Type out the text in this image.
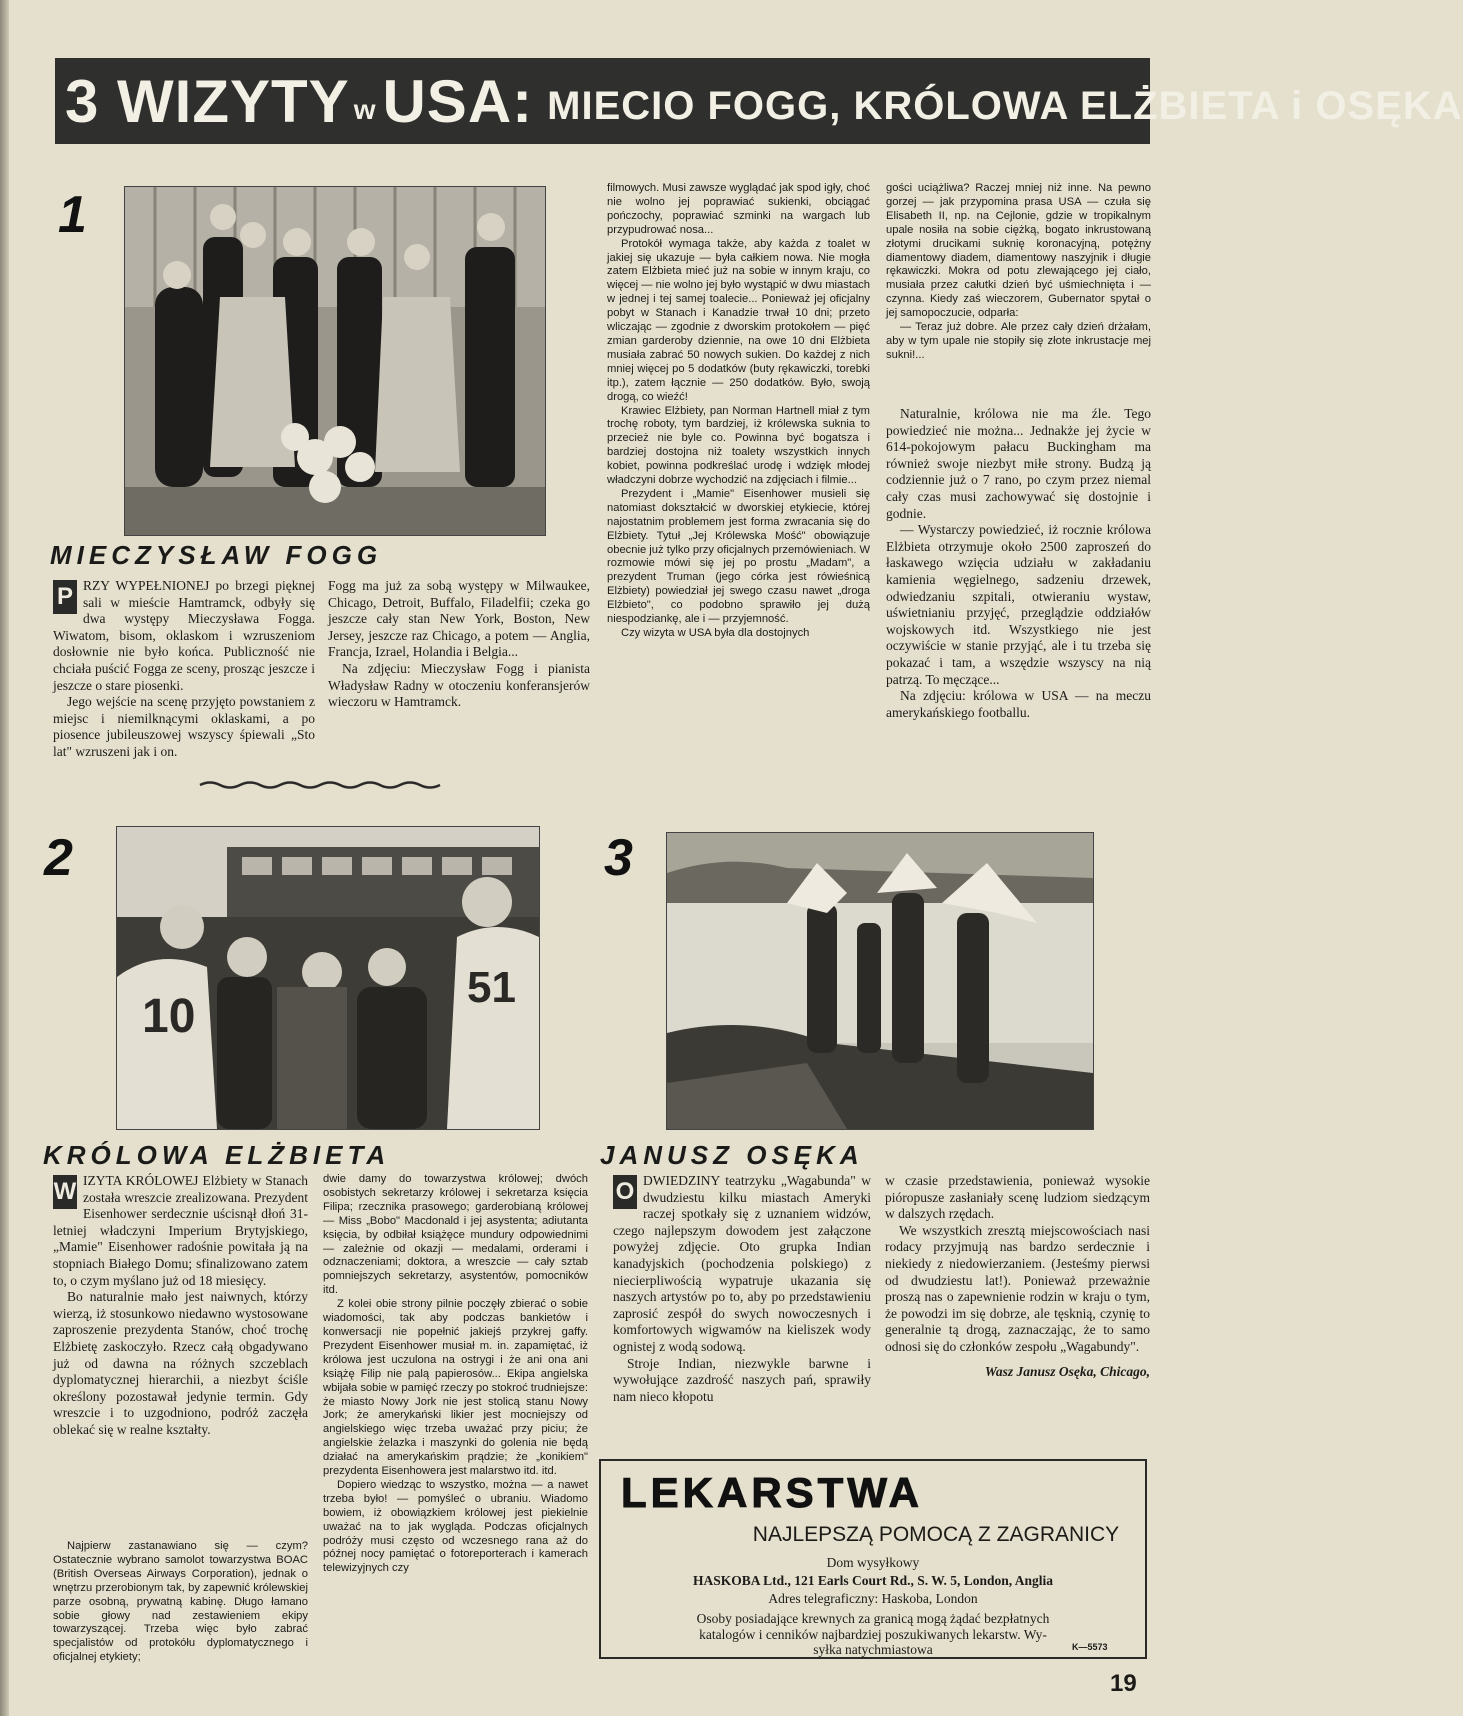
3 WIZYTY w USA: MIECIO FOGG, KRÓLOWA ELŻBIETA i OSĘKA
1
MIECZYSŁAW FOGG
P RZY WYPEŁNIONEJ po brzegi pięknej sali w mieście Hamtramck, odbyły się dwa występy Mieczysława Fogga. Wiwatom, bisom, oklaskom i wzruszeniom dosłownie nie było końca. Publiczność nie chciała puścić Fogga ze sceny, prosząc jeszcze i jeszcze o stare piosenki.

Jego wejście na scenę przyjęto powstaniem z miejsc i niemilknącymi oklaskami, a po piosence jubileuszowej wszyscy śpiewali „Sto lat" wzruszeni jak i on.

Fogg ma już za sobą występy w Milwaukee, Chicago, Detroit, Buffalo, Filadelfii; czeka go jeszcze cały stan New York, Boston, New Jersey, jeszcze raz Chicago, a potem — Anglia, Francja, Izrael, Holandia i Belgia...

Na zdjęciu: Mieczysław Fogg i pianista Władysław Radny w otoczeniu konferansjerów wieczoru w Hamtramck.

filmowych. Musi zawsze wyglądać jak spod igły, choć nie wolno jej poprawiać sukienki, obciągać pończochy, poprawiać szminki na wargach lub przypudrować nosa...

Protokół wymaga także, aby każda z toalet w jakiej się ukazuje — była całkiem nowa. Nie mogła zatem Elżbieta mieć już na sobie w innym kraju, co więcej — nie wolno jej było wystąpić w dwu miastach w jednej i tej samej toalecie... Ponieważ jej oficjalny pobyt w Stanach i Kanadzie trwał 10 dni; przeto wliczając — zgodnie z dworskim protokołem — pięć zmian garderoby dziennie, na owe 10 dni Elżbieta musiała zabrać 50 nowych sukien. Do każdej z nich mniej więcej po 5 dodatków (buty rękawiczki, torebki itp.), zatem łącznie — 250 dodatków. Było, swoją drogą, co wieźć!

Krawiec Elżbiety, pan Norman Hartnell miał z tym trochę roboty, tym bardziej, iż królewska suknia to przecież nie byle co. Powinna być bogatsza i bardziej dostojna niż toalety wszystkich innych kobiet, powinna podkreślać urodę i wdzięk młodej władczyni dobrze wychodzić na zdjęciach i filmie...

Prezydent i „Mamie" Eisenhower musieli się natomiast dokształcić w dworskiej etykiecie, której najostatnim problemem jest forma zwracania się do Elżbiety. Tytuł „Jej Królewska Mość" obowiązuje obecnie już tylko przy oficjalnych przemówieniach. W rozmowie mówi się jej po prostu „Madam", a prezydent Truman (jego córka jest rówieśnicą Elżbiety) powiedział jej swego czasu nawet „droga Elżbieto", co podobno sprawiło jej dużą niespodziankę, ale i — przyjemność.

Czy wizyta w USA była dla dostojnych

gości uciążliwa? Raczej mniej niż inne. Na pewno gorzej — jak przypomina prasa USA — czuła się Elisabeth II, np. na Cejlonie, gdzie w tropikalnym upale nosiła na sobie ciężką, bogato inkrustowaną złotymi drucikami suknię koronacyjną, potężny diamentowy diadem, diamentowy naszyjnik i długie rękawiczki. Mokra od potu zlewającego jej ciało, musiała przez całutki dzień być uśmiechnięta i — czynna. Kiedy zaś wieczorem, Gubernator spytał o jej samopoczucie, odparła:

— Teraz już dobre. Ale przez cały dzień drżałam, aby w tym upale nie stopiły się złote inkrustacje mej sukni!...

Naturalnie, królowa nie ma źle. Tego powiedzieć nie można... Jednakże jej życie w 614-pokojowym pałacu Buckingham ma również swoje niezbyt miłe strony. Budzą ją codziennie już o 7 rano, po czym przez niemal cały czas musi zachowywać się dostojnie i godnie.

— Wystarczy powiedzieć, iż rocznie królowa Elżbieta otrzymuje około 2500 zaproszeń do łaskawego wzięcia udziału w zakładaniu kamienia węgielnego, sadzeniu drzewek, odwiedzaniu szpitali, otwieraniu wystaw, uświetnianiu przyjęć, przeglądzie oddziałów wojskowych itd. Wszystkiego nie jest oczywiście w stanie przyjąć, ale i tu trzeba się pokazać i tam, a wszędzie wszyscy na nią patrzą. To męczące...

Na zdjęciu: królowa w USA — na meczu amerykańskiego footballu.

2
10
51
KRÓLOWA ELŻBIETA
W IZYTA KRÓLOWEJ Elżbiety w Stanach została wreszcie zrealizowana. Prezydent Eisenhower serdecznie uścisnął dłoń 31-letniej władczyni Imperium Brytyjskiego, „Mamie" Eisenhower radośnie powitała ją na stopniach Białego Domu; sfinalizowano zatem to, o czym myślano już od 18 miesięcy.

Bo naturalnie mało jest naiwnych, którzy wierzą, iż stosunkowo niedawno wystosowane zaproszenie prezydenta Stanów, choć trochę Elżbietę zaskoczyło. Rzecz całą obgadywano już od dawna na różnych szczeblach dyplomatycznej hierarchii, a niezbyt ściśle określony pozostawał jedynie termin. Gdy wreszcie i to uzgodniono, podróż zaczęła oblekać się w realne kształty.

Najpierw zastanawiano się — czym? Ostatecznie wybrano samolot towarzystwa BOAC (British Overseas Airways Corporation), jednak o wnętrzu przerobionym tak, by zapewnić królewskiej parze osobną, prywatną kabinę. Długo łamano sobie głowy nad zestawieniem ekipy towarzyszącej. Trzeba więc było zabrać specjalistów od protokółu dyplomatycznego i oficjalnej etykiety;

dwie damy do towarzystwa królowej; dwóch osobistych sekretarzy królowej i sekretarza księcia Filipa; rzecznika prasowego; garderobianą królowej — Miss „Bobo" Macdonald i jej asystenta; adiutanta księcia, by odbiłał książęce mundury odpowiednimi — zależnie od okazji — medalami, orderami i odznaczeniami; doktora, a wreszcie — cały sztab pomniejszych sekretarzy, asystentów, pomocników itd.

Z kolei obie strony pilnie poczęły zbierać o sobie wiadomości, tak aby podczas bankietów i konwersacji nie popełnić jakiejś przykrej gaffy. Prezydent Eisenhower musiał m. in. zapamiętać, iż królowa jest uczulona na ostrygi i że ani ona ani książę Filip nie palą papierosów... Ekipa angielska wbijała sobie w pamięć rzeczy po stokroć trudniejsze: że miasto Nowy Jork nie jest stolicą stanu Nowy Jork; że amerykański likier jest mocniejszy od angielskiego więc trzeba uważać przy piciu; że angielskie żelazka i maszynki do golenia nie będą działać na amerykańskim prądzie; że „konikiem" prezydenta Eisenhowera jest malarstwo itd. itd.

Dopiero wiedząc to wszystko, można — a nawet trzeba było! — pomyśleć o ubraniu. Wiadomo bowiem, iż obowiązkiem królowej jest piekielnie uważać na to jak wygląda. Podczas oficjalnych podróży musi często od wczesnego rana aż do późnej nocy pamiętać o fotoreporterach i kamerach telewizyjnych czy

3
JANUSZ OSĘKA
O DWIEDZINY teatrzyku „Wagabunda" w dwudziestu kilku miastach Ameryki raczej spotkały się z uznaniem widzów, czego najlepszym dowodem jest załączone powyżej zdjęcie. Oto grupka Indian kanadyjskich (pochodzenia polskiego) z niecierpliwością wypatruje ukazania się naszych artystów po to, aby po przedstawieniu zaprosić zespół do swych nowoczesnych i komfortowych wigwamów na kieliszek wody ognistej z wodą sodową.

Stroje Indian, niezwykle barwne i wywołujące zazdrość naszych pań, sprawiły nam nieco kłopotu

w czasie przedstawienia, ponieważ wysokie pióropusze zasłaniały scenę ludziom siedzącym w dalszych rzędach.

We wszystkich zresztą miejscowościach nasi rodacy przyjmują nas bardzo serdecznie i niekiedy z niedowierzaniem. (Jesteśmy pierwsi od dwudziestu lat!). Ponieważ przeważnie proszą nas o zapewnienie rodzin w kraju o tym, że powodzi im się dobrze, ale tęsknią, czynię to generalnie tą drogą, zaznaczając, że to samo odnosi się do członków zespołu „Wagabundy".

Wasz Janusz Osęka, Chicago,
LEKARSTWA
NAJLEPSZĄ POMOCĄ Z ZAGRANICY
Dom wysyłkowy
HASKOBA Ltd., 121 Earls Court Rd., S. W. 5, London, Anglia
Adres telegraficzny: Haskoba, London
Osoby posiadające krewnych za granicą mogą żądać bezpłatnych
katalogów i cenników najbardziej poszukiwanych lekarstw. Wy-
syłka natychmiastowa	K—5573
19
